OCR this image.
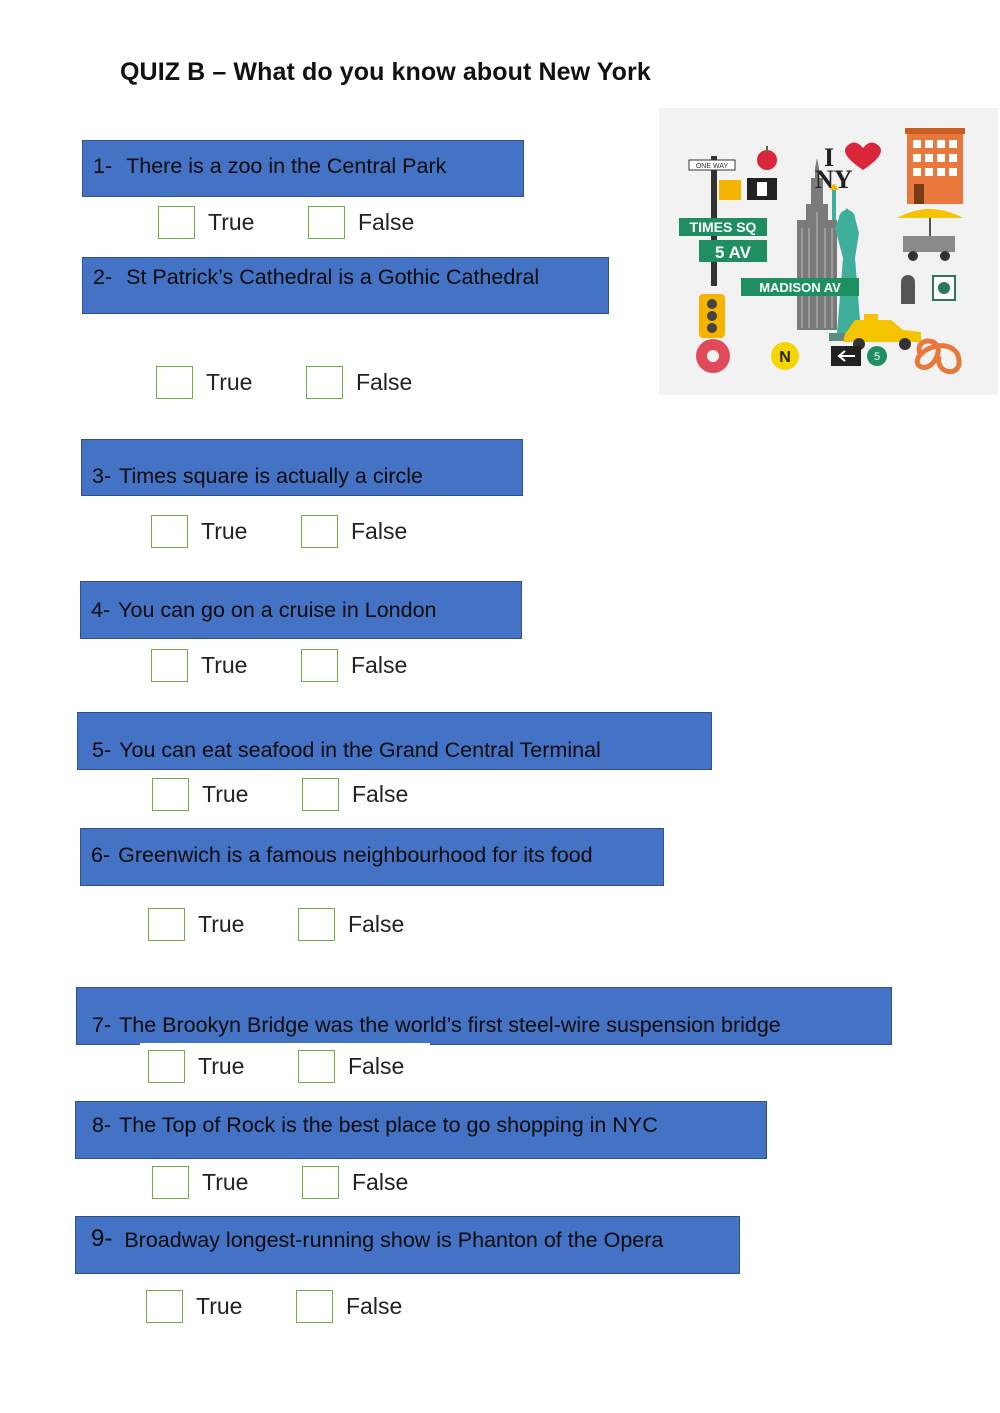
QUIZ B – What do you know about New York
ONE WAY	I
NY
TIMES SQ
5 AV
MADISON AV
N	5
1- There is a zoo in the Central Park
True	False
2- St Patrick’s Cathedral is a Gothic Cathedral
True	False
3- Times square is actually a circle
True	False
4- You can go on a cruise in London
True	False
5- You can eat seafood in the Grand Central Terminal
True	False
6- Greenwich is a famous neighbourhood for its food
True	False
7- The Brookyn Bridge was the world’s first steel-wire suspension bridge
True	False
8- The Top of Rock is the best place to go shopping in NYC
True	False
9- Broadway longest-running show is Phanton of the Opera
True	False
